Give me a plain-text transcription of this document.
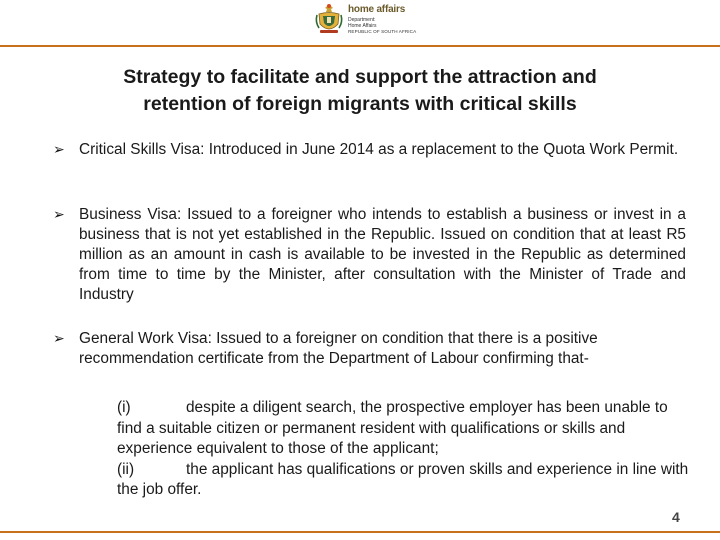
home affairs
Department:
Home Affairs
REPUBLIC OF SOUTH AFRICA
Strategy to facilitate and support the attraction and
retention of foreign migrants with critical skills
➢ Critical Skills Visa: Introduced in June 2014 as a replacement to the Quota Work Permit.
➢ Business Visa: Issued to a foreigner who intends to establish a business or invest in a business that is not yet established in the Republic. Issued on condition that at least R5 million as an amount in cash is available to be invested in the Republic as determined from time to time by the Minister, after consultation with the Minister of Trade and Industry
➢ General Work Visa: Issued to a foreigner on condition that there is a positive recommendation certificate from the Department of Labour confirming that-
(i)	despite a diligent search, the prospective employer has been unable to find a suitable citizen or permanent resident with qualifications or skills and experience equivalent to those of the applicant;
(ii)	the applicant has qualifications or proven skills and experience in line with the job offer.
4
